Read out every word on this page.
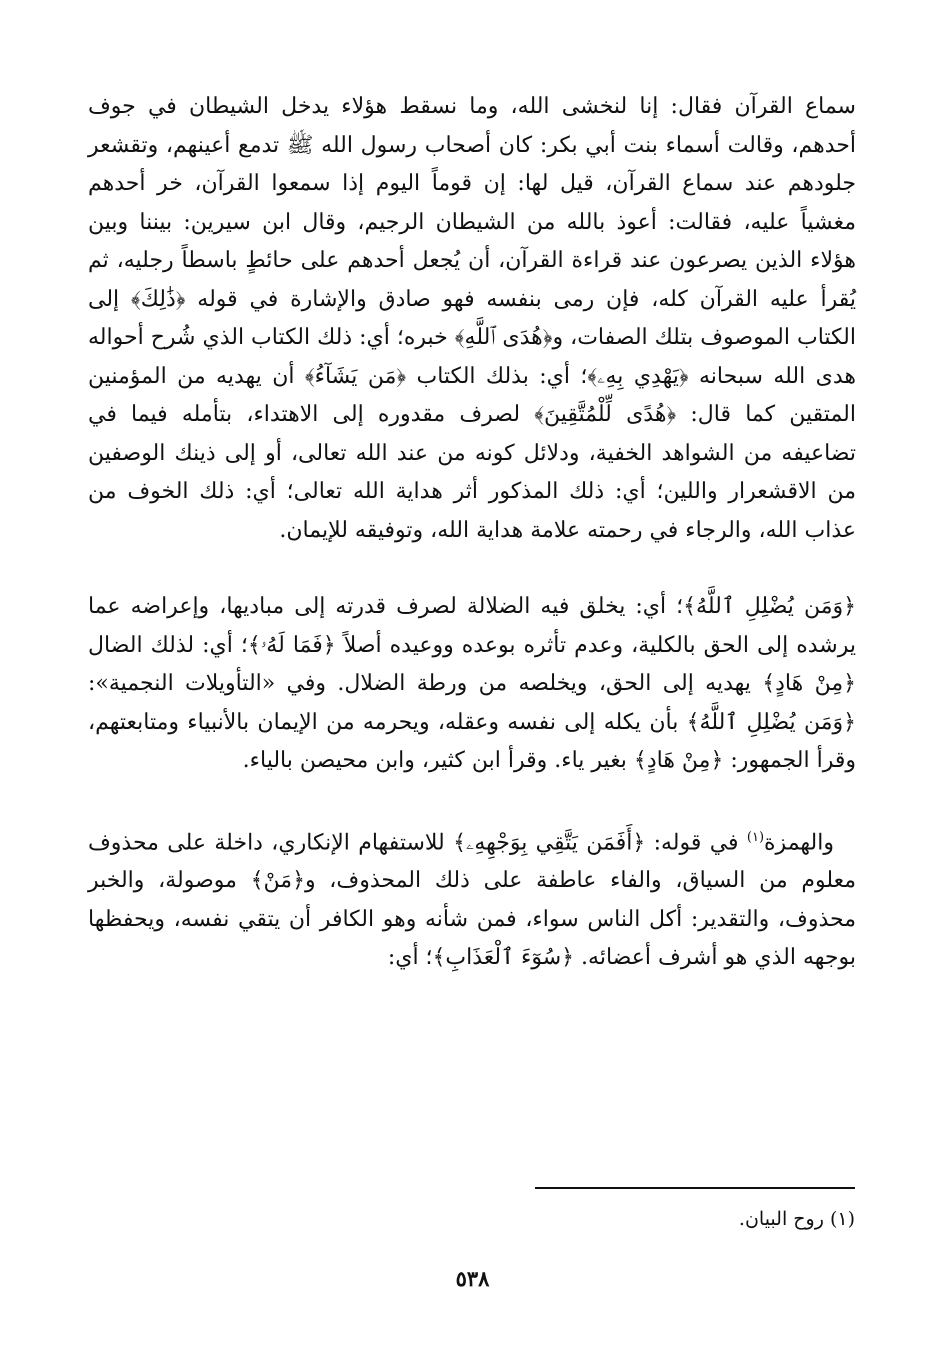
سماع القرآن فقال: إنا لنخشى الله، وما نسقط هؤلاء يدخل الشيطان في جوف أحدهم، وقالت أسماء بنت أبي بكر: كان أصحاب رسول الله ﷺ تدمع أعينهم، وتقشعر جلودهم عند سماع القرآن، قيل لها: إن قوماً اليوم إذا سمعوا القرآن، خر أحدهم مغشياً عليه، فقالت: أعوذ بالله من الشيطان الرجيم، وقال ابن سيرين: بيننا وبين هؤلاء الذين يصرعون عند قراءة القرآن، أن يُجعل أحدهم على حائطٍ باسطاً رجليه، ثم يُقرأ عليه القرآن كله، فإن رمى بنفسه فهو صادق والإشارة في قوله ﴿ذَٰلِكَ﴾ إلى الكتاب الموصوف بتلك الصفات، و﴿هُدَى ٱللَّهِ﴾ خبره؛ أي: ذلك الكتاب الذي شُرح أحواله هدى الله سبحانه ﴿يَهْدِي بِهِۦ﴾؛ أي: بذلك الكتاب ﴿مَن يَشَآءُ﴾ أن يهديه من المؤمنين المتقين كما قال: ﴿هُدًى لِّلْمُتَّقِينَ﴾ لصرف مقدوره إلى الاهتداء، بتأمله فيما في تضاعيفه من الشواهد الخفية، ودلائل كونه من عند الله تعالى، أو إلى ذينك الوصفين من الاقشعرار واللين؛ أي: ذلك المذكور أثر هداية الله تعالى؛ أي: ذلك الخوف من عذاب الله، والرجاء في رحمته علامة هداية الله، وتوفيقه للإيمان.

﴿وَمَن يُضْلِلِ ٱللَّهُ﴾؛ أي: يخلق فيه الضلالة لصرف قدرته إلى مباديها، وإعراضه عما يرشده إلى الحق بالكلية، وعدم تأثره بوعده ووعيده أصلاً ﴿فَمَا لَهُۥ﴾؛ أي: لذلك الضال ﴿مِنْ هَادٍ﴾ يهديه إلى الحق، ويخلصه من ورطة الضلال. وفي «التأويلات النجمية»: ﴿وَمَن يُضْلِلِ ٱللَّهُ﴾ بأن يكله إلى نفسه وعقله، ويحرمه من الإيمان بالأنبياء ومتابعتهم، وقرأ الجمهور: ﴿مِنْ هَادٍ﴾ بغير ياء. وقرأ ابن كثير، وابن محيصن بالياء.

والهمزة$^{(١)}$ في قوله: ﴿أَفَمَن يَتَّقِي بِوَجْهِهِۦ﴾ للاستفهام الإنكاري، داخلة على محذوف معلوم من السياق، والفاء عاطفة على ذلك المحذوف، و﴿مَنْ﴾ موصولة، والخبر محذوف، والتقدير: أكل الناس سواء، فمن شأنه وهو الكافر أن يتقي نفسه، ويحفظها بوجهه الذي هو أشرف أعضائه. ﴿سُوٓءَ ٱلْعَذَابِ﴾؛ أي:

(١) روح البيان.
٥٣٨
